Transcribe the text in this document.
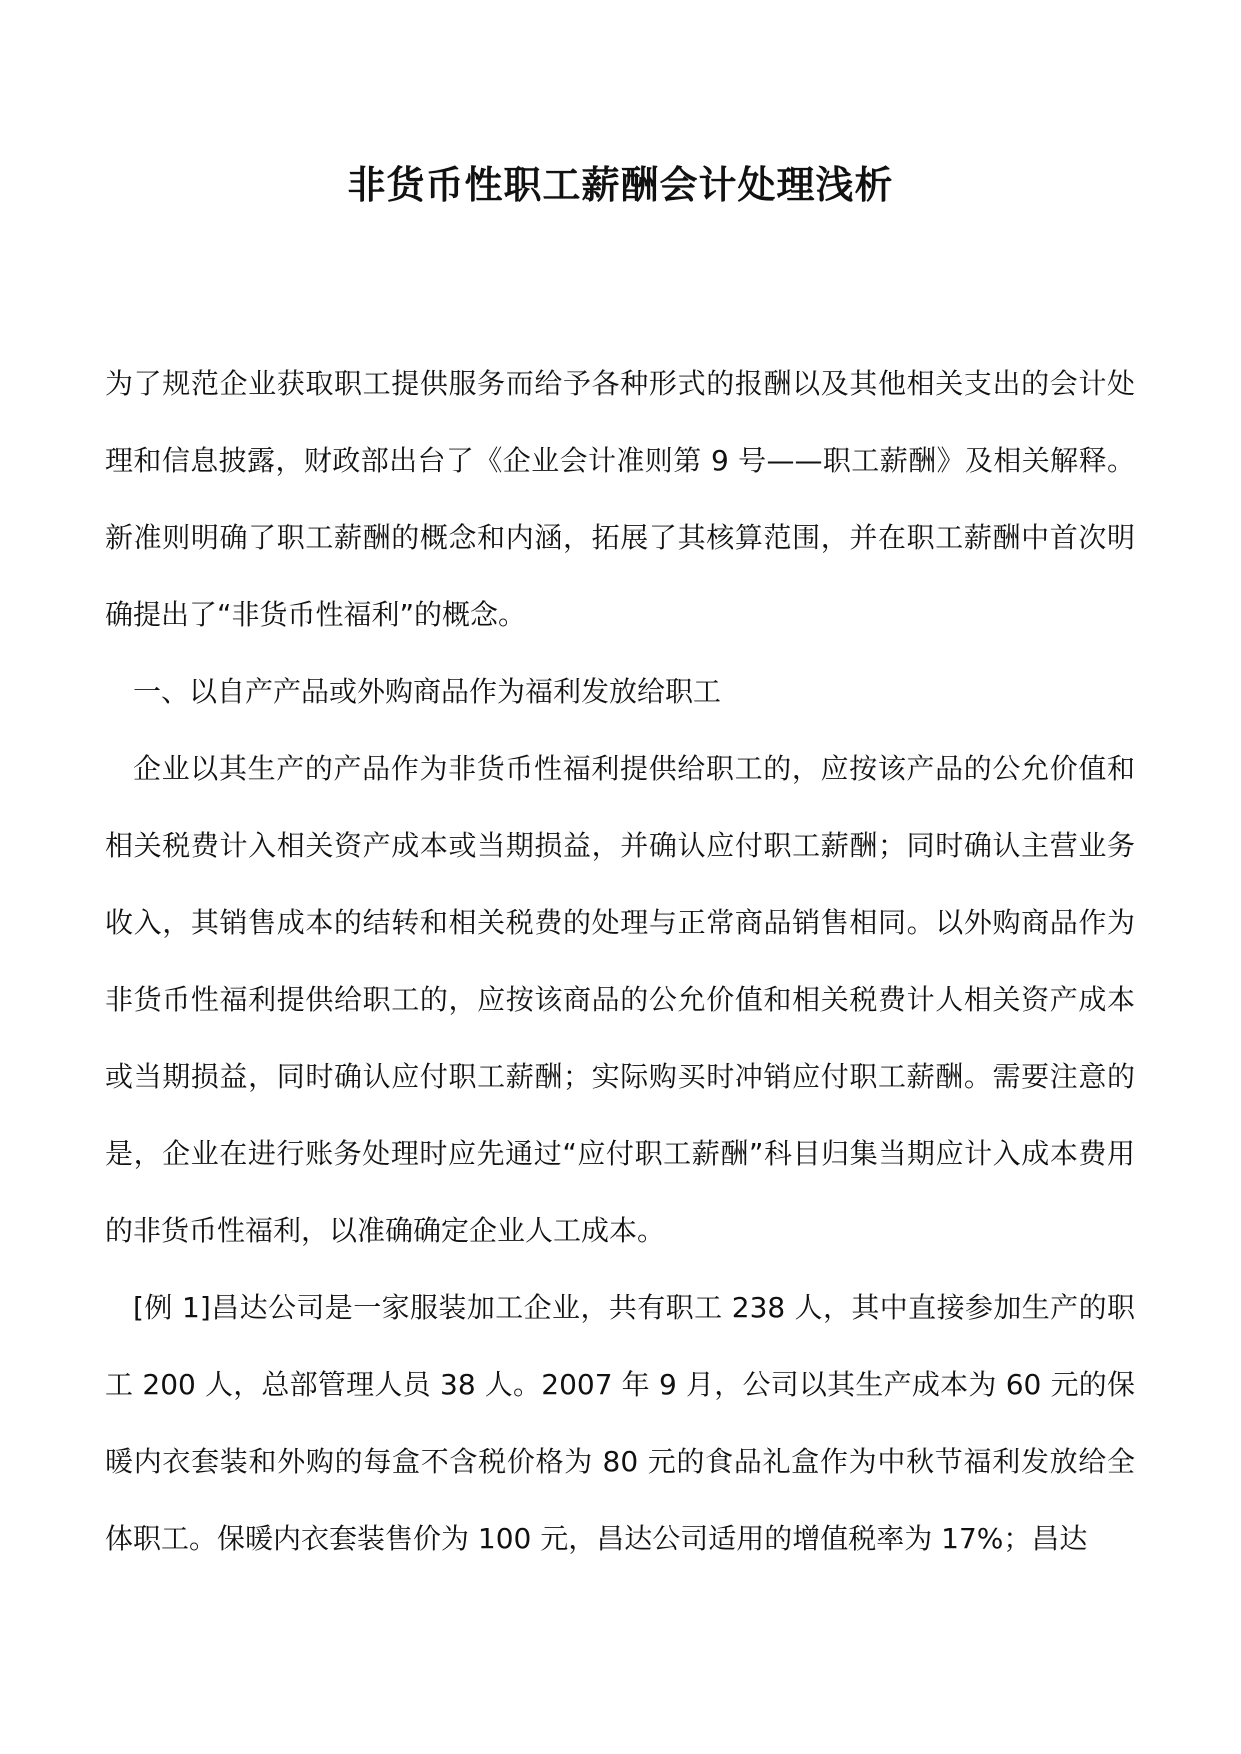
非货币性职工薪酬会计处理浅析

为了规范企业获取职工提供服务而给予各种形式的报酬以及其他相关支出的会计处理和信息披露，财政部出台了《企业会计准则第 9 号——职工薪酬》及相关解释。新准则明确了职工薪酬的概念和内涵，拓展了其核算范围，并在职工薪酬中首次明确提出了“非货币性福利”的概念。

一、以自产产品或外购商品作为福利发放给职工

企业以其生产的产品作为非货币性福利提供给职工的，应按该产品的公允价值和相关税费计入相关资产成本或当期损益，并确认应付职工薪酬；同时确认主营业务收入，其销售成本的结转和相关税费的处理与正常商品销售相同。以外购商品作为非货币性福利提供给职工的，应按该商品的公允价值和相关税费计人相关资产成本或当期损益，同时确认应付职工薪酬；实际购买时冲销应付职工薪酬。需要注意的是，企业在进行账务处理时应先通过“应付职工薪酬”科目归集当期应计入成本费用的非货币性福利，以准确确定企业人工成本。

[例 1]昌达公司是一家服装加工企业，共有职工 238 人，其中直接参加生产的职工 200 人，总部管理人员 38 人。2007 年 9 月，公司以其生产成本为 60 元的保暖内衣套装和外购的每盒不含税价格为 80 元的食品礼盒作为中秋节福利发放给全体职工。保暖内衣套装售价为 100 元，昌达公司适用的增值税率为 17%；昌达
